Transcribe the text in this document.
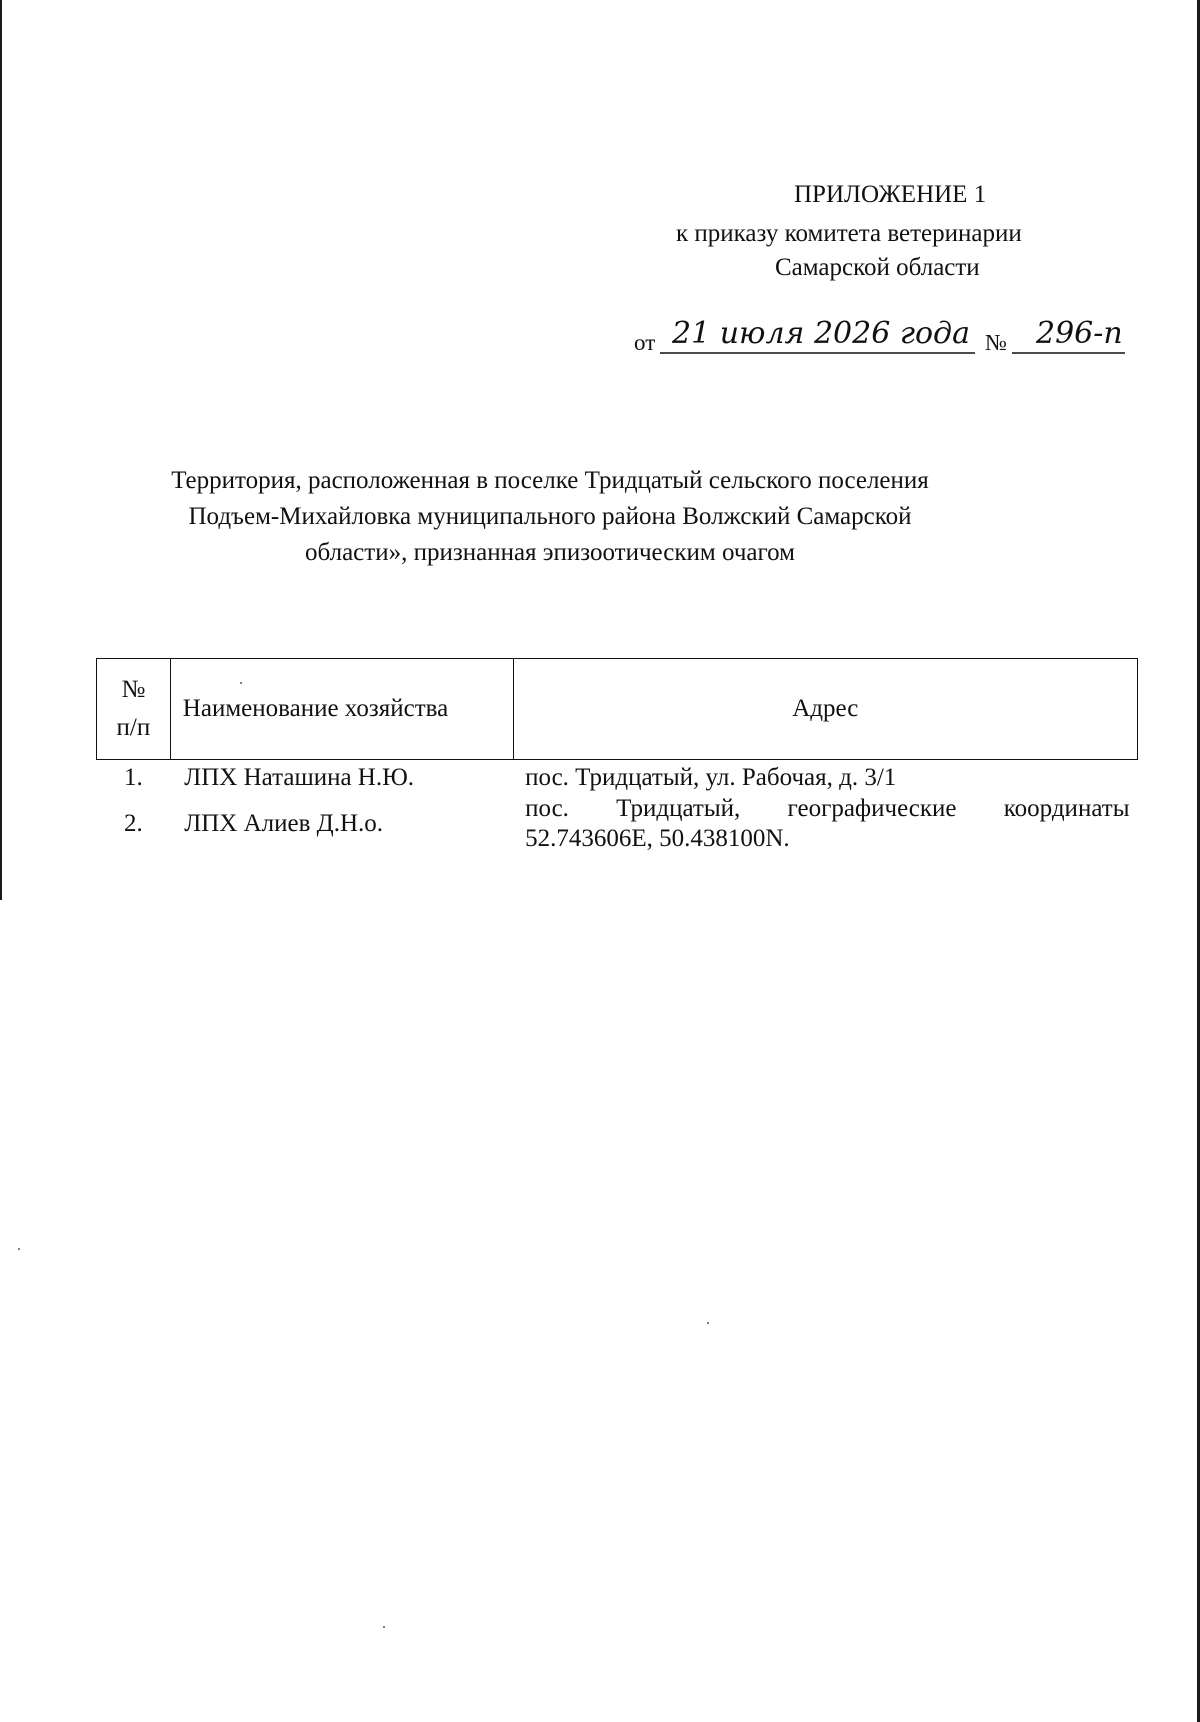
ПРИЛОЖЕНИЕ 1
к приказу комитета ветеринарии
Самарской области
от 21 июля 2026 года № 296-п
Территория, расположенная в поселке Тридцатый сельского поселения
Подъем-Михайловка муниципального района Волжский Самарской
области», признанная эпизоотическим очагом
№
п/п	Наименование хозяйства	Адрес
1.	ЛПХ Наташина Н.Ю.	пос. Тридцатый, ул. Рабочая, д. 3/1

2.	ЛПХ Алиев Д.Н.о.	пос. Тридцатый, географические координаты
52.743606E, 50.438100N.
